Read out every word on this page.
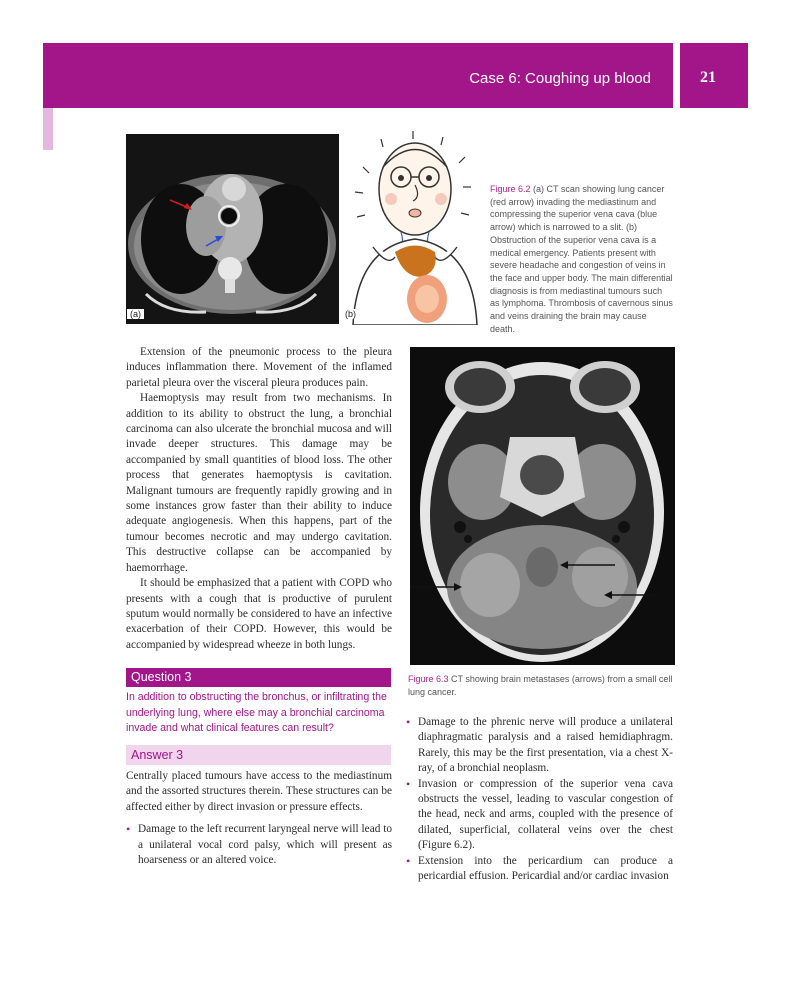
Case 6: Coughing up blood	21
(a)	(b)
Figure 6.2 (a) CT scan showing lung cancer (red arrow) invading the mediastinum and compressing the superior vena cava (blue arrow) which is narrowed to a slit. (b) Obstruction of the superior vena cava is a medical emergency. Patients present with severe headache and congestion of veins in the face and upper body. The main differential diagnosis is from mediastinal tumours such as lymphoma. Thrombosis of cavernous sinus and veins draining the brain may cause death.

Extension of the pneumonic process to the pleura induces inflammation there. Movement of the inflamed parietal pleura over the visceral pleura produces pain.

Haemoptysis may result from two mechanisms. In addition to its ability to obstruct the lung, a bronchial carcinoma can also ulcerate the bronchial mucosa and will invade deeper structures. This damage may be accompanied by small quantities of blood loss. The other process that generates haemoptysis is cavitation. Malignant tumours are frequently rapidly growing and in some instances grow faster than their ability to induce adequate angiogenesis. When this happens, part of the tumour becomes necrotic and may undergo cavitation. This destructive collapse can be accompanied by haemorrhage.

It should be emphasized that a patient with COPD who presents with a cough that is productive of purulent sputum would normally be considered to have an infective exacerbation of their COPD. However, this would be accompanied by widespread wheeze in both lungs.

Figure 6.3 CT showing brain metastases (arrows) from a small cell lung cancer.
Question 3
In addition to obstructing the bronchus, or infiltrating the underlying lung, where else may a bronchial carcinoma invade and what clinical features can result?
Answer 3

Centrally placed tumours have access to the mediastinum and the assorted structures therein. These structures can be affected either by direct invasion or pressure effects.

• Damage to the left recurrent laryngeal nerve will lead to a unilateral vocal cord palsy, which will present as hoarseness or an altered voice.
• Damage to the phrenic nerve will produce a unilateral diaphragmatic paralysis and a raised hemidiaphragm. Rarely, this may be the first presentation, via a chest X-ray, of a bronchial neoplasm.
• Invasion or compression of the superior vena cava obstructs the vessel, leading to vascular congestion of the head, neck and arms, coupled with the presence of dilated, superficial, collateral veins over the chest (Figure 6.2).
• Extension into the pericardium can produce a pericardial effusion. Pericardial and/or cardiac invasion
